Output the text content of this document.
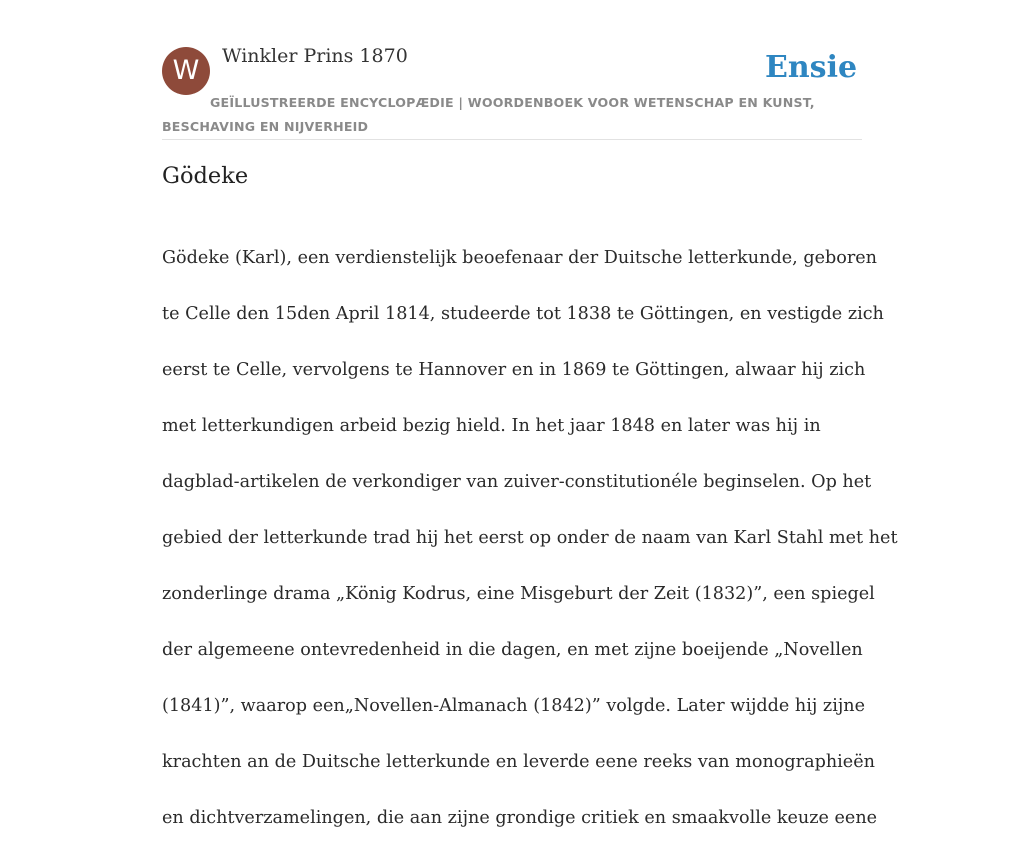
W	Winkler Prins 1870	Ensie
GEÏLLUSTREERDE ENCYCLOPÆDIE | WOORDENBOEK VOOR WETENSCHAP EN KUNST, BESCHAVING EN NIJVERHEID
Gödeke

Gödeke (Karl), een verdienstelijk beoefenaar der Duitsche letterkunde, geboren

te Celle den 15den April 1814, studeerde tot 1838 te Göttingen, en vestigde zich

eerst te Celle, vervolgens te Hannover en in 1869 te Göttingen, alwaar hij zich

met letterkundigen arbeid bezig hield. In het jaar 1848 en later was hij in

dagblad-artikelen de verkondiger van zuiver-constitutionéle beginselen. Op het

gebied der letterkunde trad hij het eerst op onder de naam van Karl Stahl met het

zonderlinge drama „König Kodrus, eine Misgeburt der Zeit (1832)”, een spiegel

der algemeene ontevredenheid in die dagen, en met zijne boeijende „Novellen

(1841)”, waarop een„Novellen-Almanach (1842)” volgde. Later wijdde hij zijne

krachten an de Duitsche letterkunde en leverde eene reeks van monographieën

en dichtverzamelingen, die aan zijne grondige critiek en smaakvolle keuze eene
